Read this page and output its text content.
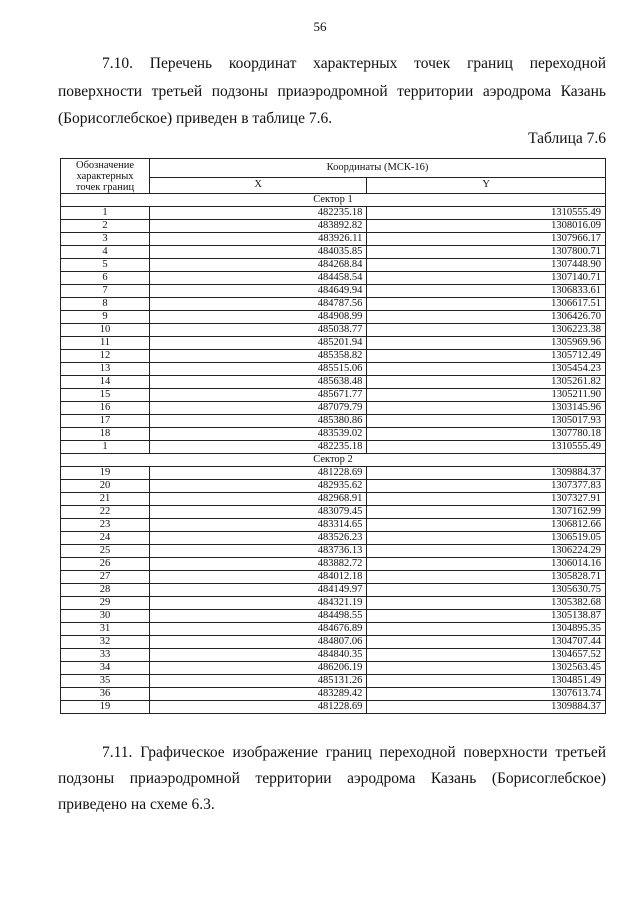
56
7.10. Перечень координат характерных точек границ переходной поверхности третьей подзоны приаэродромной территории аэродрома Казань (Борисоглебское) приведен в таблице 7.6.
Таблица 7.6
Обозначение характерных точек границ	Координаты (МСК-16)	
	X	Y
Сектор 1		
1	482235.18	1310555.49
2	483892.82	1308016.09
3	483926.11	1307966.17
4	484035.85	1307800.71
5	484268.84	1307448.90
6	484458.54	1307140.71
7	484649.94	1306833.61
8	484787.56	1306617.51
9	484908.99	1306426.70
10	485038.77	1306223.38
11	485201.94	1305969.96
12	485358.82	1305712.49
13	485515.06	1305454.23
14	485638.48	1305261.82
15	485671.77	1305211.90
16	487079.79	1303145.96
17	485380.86	1305017.93
18	483539.02	1307780.18
1	482235.18	1310555.49
Сектор 2		
19	481228.69	1309884.37
20	482935.62	1307377.83
21	482968.91	1307327.91
22	483079.45	1307162.99
23	483314.65	1306812.66
24	483526.23	1306519.05
25	483736.13	1306224.29
26	483882.72	1306014.16
27	484012.18	1305828.71
28	484149.97	1305630.75
29	484321.19	1305382.68
30	484498.55	1305138.87
31	484676.89	1304895.35
32	484807.06	1304707.44
33	484840.35	1304657.52
34	486206.19	1302563.45
35	485131.26	1304851.49
36	483289.42	1307613.74
19	481228.69	1309884.37
7.11. Графическое изображение границ переходной поверхности третьей подзоны приаэродромной территории аэродрома Казань (Борисоглебское) приведено на схеме 6.3.
